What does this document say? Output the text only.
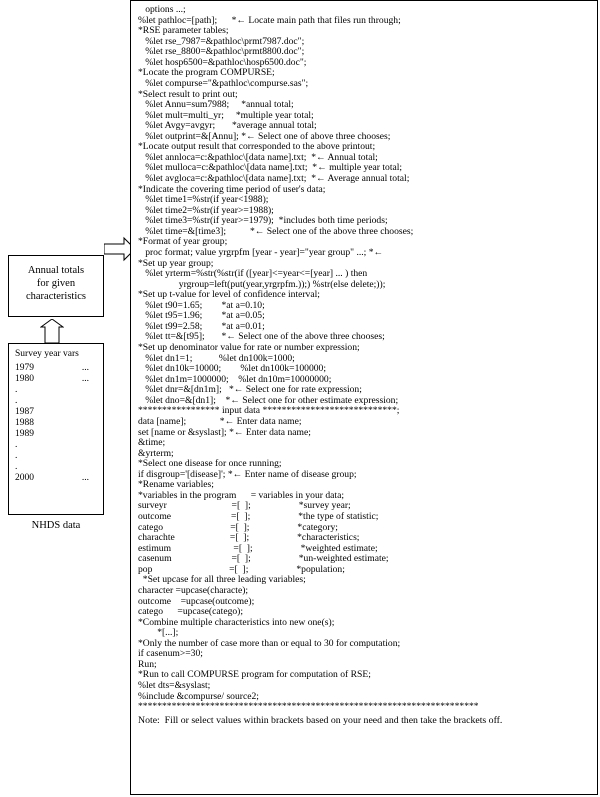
Annual totals
for given
characteristics
Survey year vars
1979	...
1980	...
.
.
1987
1988
1989
.
.
.
2000	...
NHDS data
options ...;
%let pathloc=[path];      *← Locate main path that files run through;
*RSE parameter tables;
%let rse_7987=&pathloc\prmt7987.doc";
%let rse_8800=&pathloc\prmt8800.doc";
%let hosp6500=&pathloc\hosp6500.doc";
*Locate the program COMPURSE;
%let compurse="&pathloc\compurse.sas";
*Select result to print out;
%let Annu=sum7988;     *annual total;
%let mult=multi_yr;     *multiple year total;
%let Avgy=avgyr;       *average annual total;
%let outprint=&[Annu]; *← Select one of above three chooses;
*Locate output result that corresponded to the above printout;
%let annloca=c:&pathloc\[data name].txt;  *← Annual total;
%let mulloca=c:&pathloc\[data name].txt;  *← multiple year total;
%let avgloca=c:&pathloc\[data name].txt;  *← Average annual total;
*Indicate the covering time period of user's data;
%let time1=%str(if year<1988);
%let time2=%str(if year>=1988);
%let time3=%str(if year>=1979);  *includes both time periods;
%let time=&[time3];          *← Select one of the above three chooses;
*Format of year group;
proc format; value yrgrpfm [year - year]="year group" ...; *←
*Set up year group;
%let yrterm=%str(%str(if ([year]<=year<=[year] ... ) then
yrgroup=left(put(year,yrgrpfm.));) %str(else delete;));
*Set up t-value for level of confidence interval;
%let t90=1.65;        *at a=0.10;
%let t95=1.96;        *at a=0.05;
%let t99=2.58;        *at a=0.01;
%let tt=&[t95];       *← Select one of the above three chooses;
*Set up denominator value for rate or number expression;
%let dn1=1;           %let dn100k=1000;
%let dn10k=10000;        %let dn100k=100000;
%let dn1m=1000000;    %let dn10m=10000000;
%let dnr=&[dn1m];   *← Select one for rate expression;
%let dno=&[dn1];    *← Select one for other estimate expression;
***************** input data ****************************;
data [name];              *← Enter data name;
set [name or &syslast]; *← Enter data name;
&time;
&yrterm;
*Select one disease for once running;
if disgroup='[disease]'; *← Enter name of disease group;
*Rename variables;
*variables in the program      = variables in your data;
surveyr                           =[  ];                    *survey year;
outcome                         =[  ];                    *the type of statistic;
catego                            =[  ];                    *category;
charachte                       =[  ];                    *characteristics;
estimum                          =[  ];                    *weighted estimate;
casenum                         =[  ];                    *un-weighted estimate;
pop                                =[  ];                    *population;
*Set upcase for all three leading variables;
character =upcase(characte);
outcome    =upcase(outcome);
catego      =upcase(catego);
*Combine multiple characteristics into new one(s);
*[...];
*Only the number of case more than or equal to 30 for computation;
if casenum>=30;
Run;
*Run to call COMPURSE program for computation of RSE;
%let dts=&syslast;
%include &compurse/ source2;
***********************************************************************
Note:  Fill or select values within brackets based on your need and then take the brackets off.
